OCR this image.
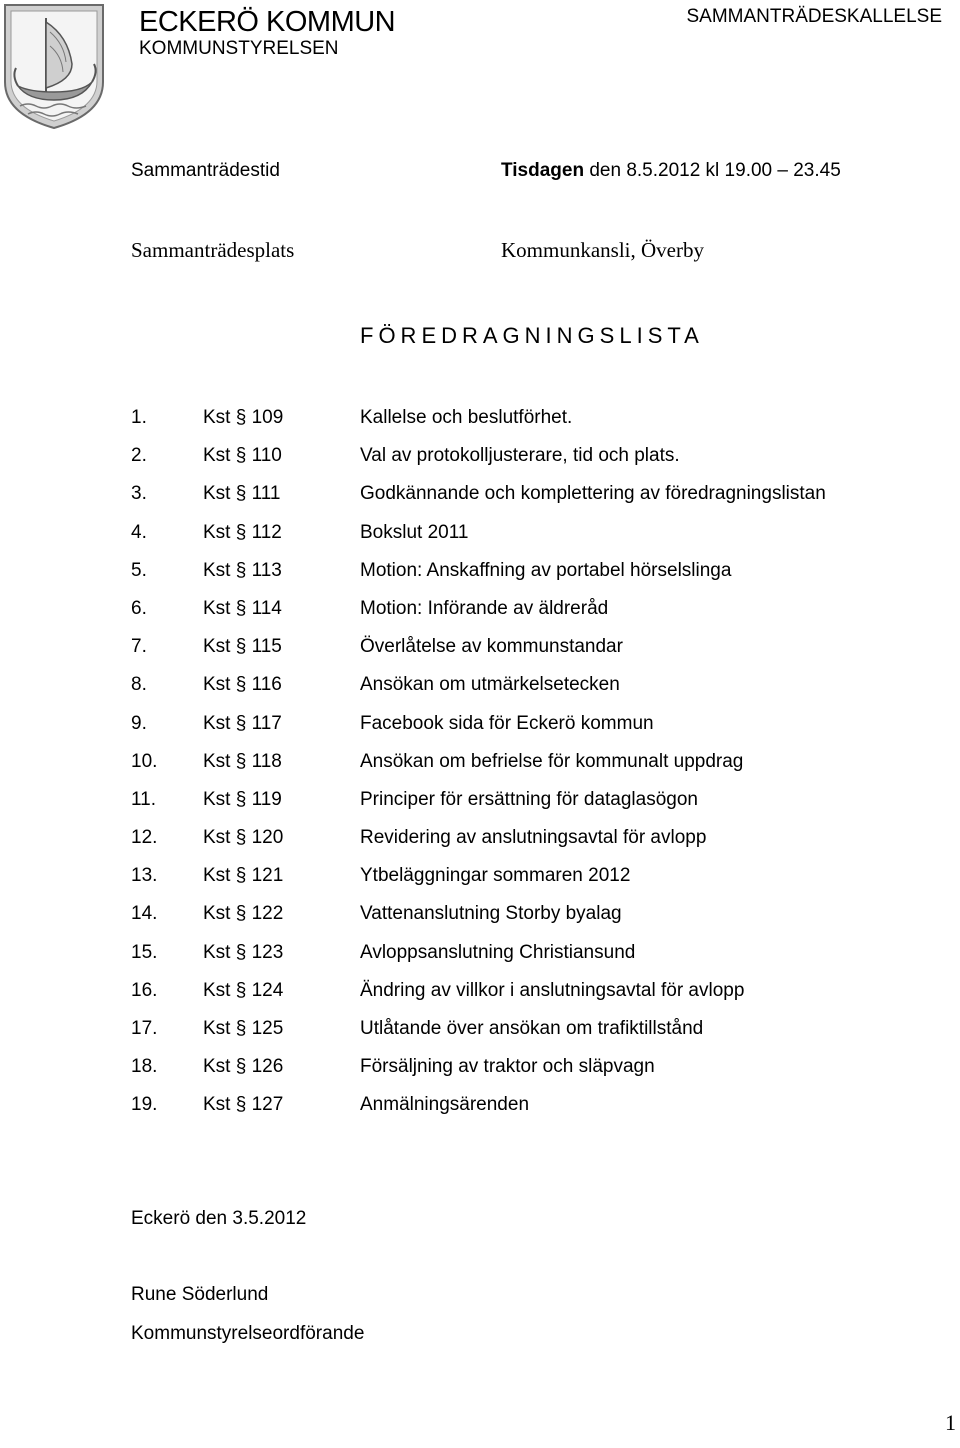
ECKERÖ KOMMUN
KOMMUNSTYRELSEN
SAMMANTRÄDESKALLELSE
Sammanträdestid	Tisdagen den 8.5.2012 kl 19.00 – 23.45
Sammanträdesplats	Kommunkansli, Överby
FÖREDRAGNINGSLISTA
1.	Kst § 109	Kallelse och beslutförhet.
2.	Kst § 110	Val av protokolljusterare, tid och plats.
3.	Kst § 111	Godkännande och komplettering av föredragningslistan
4.	Kst § 112	Bokslut 2011
5.	Kst § 113	Motion: Anskaffning av portabel hörselslinga
6.	Kst § 114	Motion: Införande av äldreråd
7.	Kst § 115	Överlåtelse av kommunstandar
8.	Kst § 116	Ansökan om utmärkelsetecken
9.	Kst § 117	Facebook sida för Eckerö kommun
10.	Kst § 118	Ansökan om befrielse för kommunalt uppdrag
11.	Kst § 119	Principer för ersättning för dataglasögon
12.	Kst § 120	Revidering av anslutningsavtal för avlopp
13.	Kst § 121	Ytbeläggningar sommaren 2012
14.	Kst § 122	Vattenanslutning Storby byalag
15.	Kst § 123	Avloppsanslutning Christiansund
16.	Kst § 124	Ändring av villkor i anslutningsavtal för avlopp
17.	Kst § 125	Utlåtande över ansökan om trafiktillstånd
18.	Kst § 126	Försäljning av traktor och släpvagn
19.	Kst § 127	Anmälningsärenden
Eckerö den 3.5.2012
Rune Söderlund
Kommunstyrelseordförande
1
